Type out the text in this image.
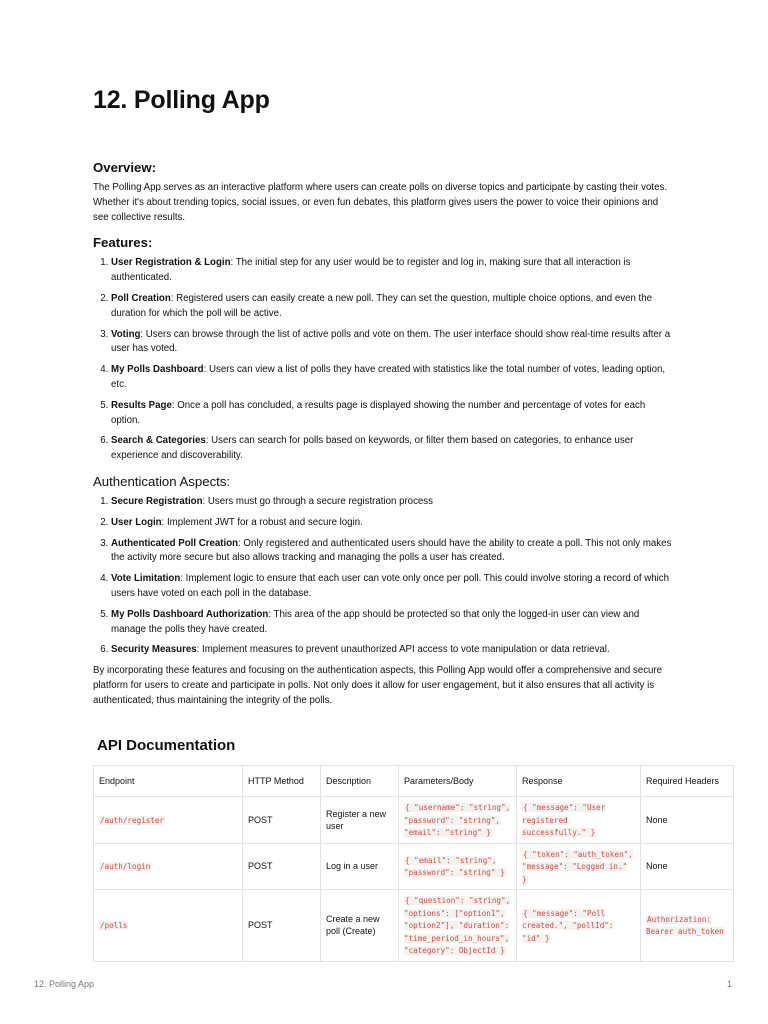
12. Polling App
Overview:

The Polling App serves as an interactive platform where users can create polls on diverse topics and participate by casting their votes. Whether it's about trending topics, social issues, or even fun debates, this platform gives users the power to voice their opinions and see collective results.

Features:
1. User Registration & Login: The initial step for any user would be to register and log in, making sure that all interaction is authenticated.
2. Poll Creation: Registered users can easily create a new poll. They can set the question, multiple choice options, and even the duration for which the poll will be active.
3. Voting: Users can browse through the list of active polls and vote on them. The user interface should show real-time results after a user has voted.
4. My Polls Dashboard: Users can view a list of polls they have created with statistics like the total number of votes, leading option, etc.
5. Results Page: Once a poll has concluded, a results page is displayed showing the number and percentage of votes for each option.
6. Search & Categories: Users can search for polls based on keywords, or filter them based on categories, to enhance user experience and discoverability.
Authentication Aspects:
1. Secure Registration: Users must go through a secure registration process
2. User Login: Implement JWT for a robust and secure login.
3. Authenticated Poll Creation: Only registered and authenticated users should have the ability to create a poll. This not only makes the activity more secure but also allows tracking and managing the polls a user has created.
4. Vote Limitation: Implement logic to ensure that each user can vote only once per poll. This could involve storing a record of which users have voted on each poll in the database.
5. My Polls Dashboard Authorization: This area of the app should be protected so that only the logged-in user can view and manage the polls they have created.
6. Security Measures: Implement measures to prevent unauthorized API access to vote manipulation or data retrieval.

By incorporating these features and focusing on the authentication aspects, this Polling App would offer a comprehensive and secure platform for users to create and participate in polls. Not only does it allow for user engagement, but it also ensures that all activity is authenticated, thus maintaining the integrity of the polls.

API Documentation
Endpoint	HTTP Method	Description	Parameters/Body	Response	Required Headers
/auth/register	POST	Register a new user	{ "username": "string", "password": "string", "email": "string" }	{ "message": "User registered successfully." }	None
/auth/login	POST	Log in a user	{ "email": "string", "password": "string" }	{ "token": "auth_token", "message": "Logged in." }	None
/polls	POST	Create a new poll (Create)	{ "question": "string", "options": ["option1", "option2"], "duration": "time_period_in_hours", "category": ObjectId }	{ "message": "Poll created.", "pollId": "id" }	Authorization: Bearer auth_token
12. Polling App	1
